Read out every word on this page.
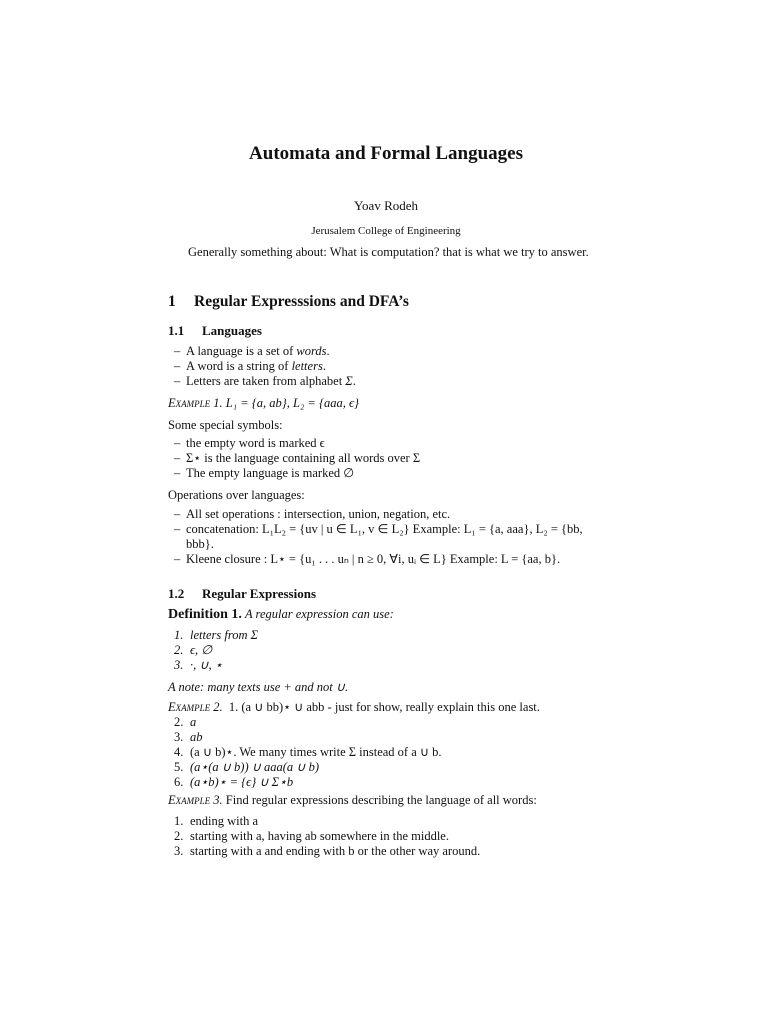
Automata and Formal Languages
Yoav Rodeh
Jerusalem College of Engineering
Generally something about: What is computation? that is what we try to answer.
1 Regular Expresssions and DFA’s
1.1 Languages
– A language is a set of words.
– A word is a string of letters.
– Letters are taken from alphabet Σ.
Example 1. L₁ = {a, ab}, L₂ = {aaa, ϵ}
Some special symbols:
– the empty word is marked ϵ
– Σ⋆ is the language containing all words over Σ
– The empty language is marked ∅
Operations over languages:
– All set operations : intersection, union, negation, etc.
– concatenation: L₁L₂ = {uv | u ∈ L₁, v ∈ L₂} Example: L₁ = {a, aaa}, L₂ = {bb, bbb}.
– Kleene closure : L⋆ = {u₁ . . . uₙ | n ≥ 0, ∀i, uᵢ ∈ L} Example: L = {aa, b}.
1.2 Regular Expressions
Definition 1. A regular expression can use:
1. letters from Σ
2. ϵ, ∅
3. ·, ∪, ⋆
A note: many texts use + and not ∪.
Example 2. 1. (a ∪ bb)⋆ ∪ abb - just for show, really explain this one last.
2. a
3. ab
4. (a ∪ b)⋆. We many times write Σ instead of a ∪ b.
5. (a⋆(a ∪ b)) ∪ aaa(a ∪ b)
6. (a⋆b)⋆ = {ϵ} ∪ Σ⋆b
Example 3. Find regular expressions describing the language of all words:
1. ending with a
2. starting with a, having ab somewhere in the middle.
3. starting with a and ending with b or the other way around.
